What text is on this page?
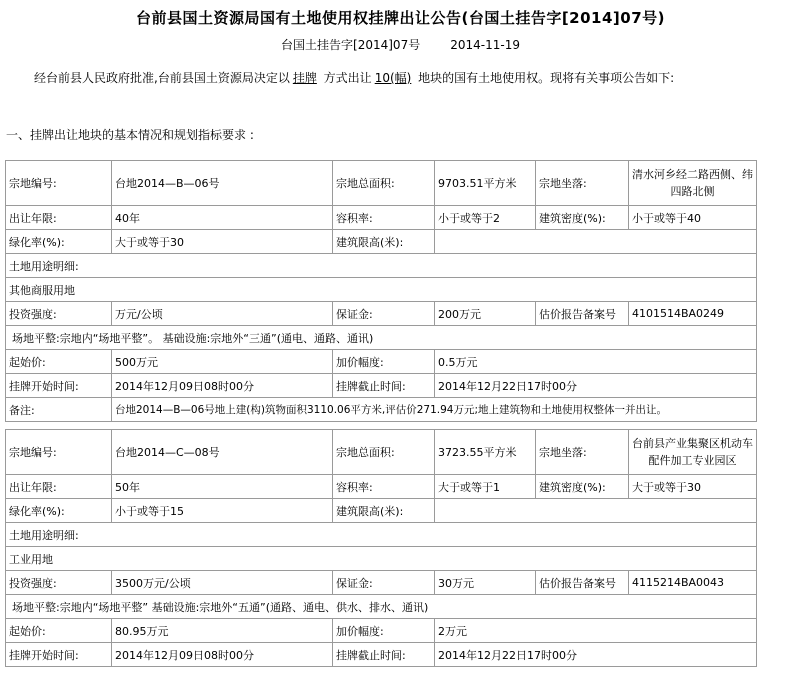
台前县国土资源局国有土地使用权挂牌出让公告(台国土挂告字[2014]07号)
台国土挂告字[2014]07号	2014-11-19
经台前县人民政府批准,台前县国土资源局决定以 挂牌 方式出让 10(幅) 地块的国有土地使用权。现将有关事项公告如下:
一、挂牌出让地块的基本情况和规划指标要求 :
宗地编号:	台地2014—B—06号	宗地总面积:	9703.51平方米	宗地坐落:	清水河乡经二路西侧、纬四路北侧
出让年限:	40年	容积率:	小于或等于2	建筑密度(%):	小于或等于40
绿化率(%):	大于或等于30	建筑限高(米):			
土地用途明细:					
其他商服用地					
投资强度:	万元/公顷	保证金:	200万元	估价报告备案号	4101514BA0249
场地平整:宗地内“场地平整”。 基础设施:宗地外“三通”(通电、通路、通讯)					
起始价:	500万元	加价幅度:	0.5万元		
挂牌开始时间:	2014年12月09日08时00分	挂牌截止时间:	2014年12月22日17时00分		
备注:	台地2014—B—06号地上建(构)筑物面积3110.06平方米,评估价271.94万元;地上建筑物和土地使用权整体一并出让。				
宗地编号:	台地2014—C—08号	宗地总面积:	3723.55平方米	宗地坐落:	台前县产业集聚区机动车配件加工专业园区
出让年限:	50年	容积率:	大于或等于1	建筑密度(%):	大于或等于30
绿化率(%):	小于或等于15	建筑限高(米):			
土地用途明细:					
工业用地					
投资强度:	3500万元/公顷	保证金:	30万元	估价报告备案号	4115214BA0043
场地平整:宗地内“场地平整” 基础设施:宗地外“五通”(通路、通电、供水、排水、通讯)					
起始价:	80.95万元	加价幅度:	2万元		
挂牌开始时间:	2014年12月09日08时00分	挂牌截止时间:	2014年12月22日17时00分		
